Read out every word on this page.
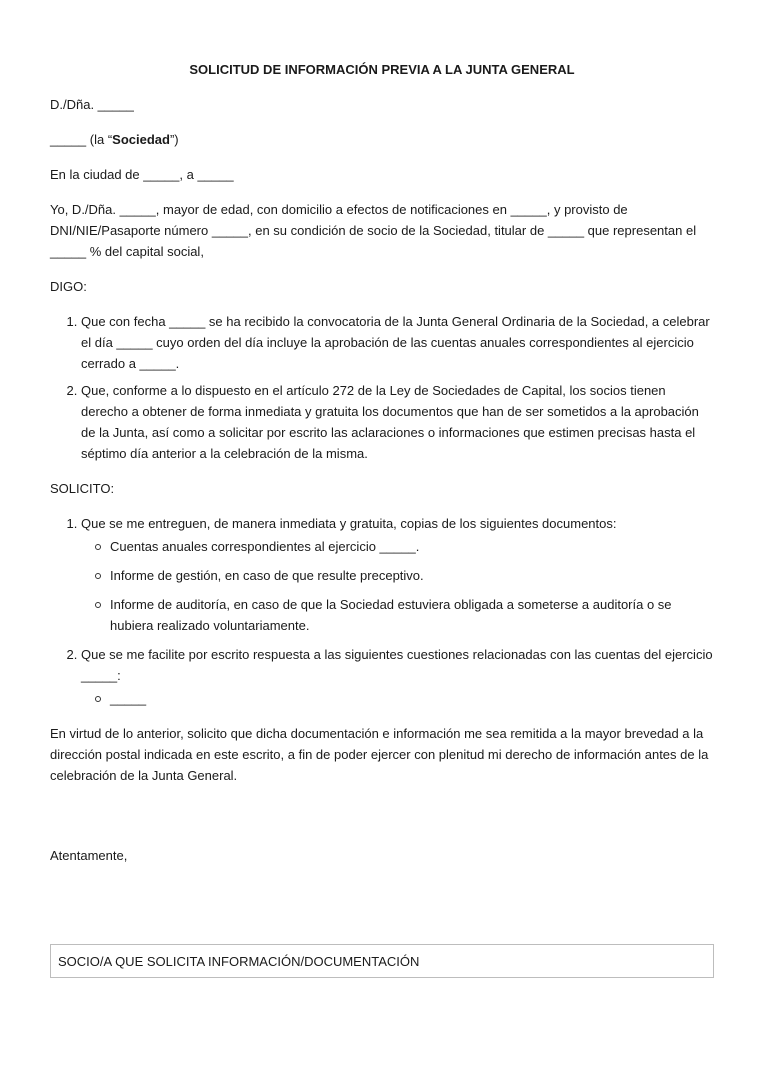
SOLICITUD DE INFORMACIÓN PREVIA A LA JUNTA GENERAL

D./Dña. _____

_____ (la “Sociedad”)

En la ciudad de _____, a _____

Yo, D./Dña. _____, mayor de edad, con domicilio a efectos de notificaciones en _____, y provisto de DNI/NIE/Pasaporte número _____, en su condición de socio de la Sociedad, titular de _____ que representan el _____ % del capital social,

DIGO:

1. Que con fecha _____ se ha recibido la convocatoria de la Junta General Ordinaria de la Sociedad, a celebrar el día _____ cuyo orden del día incluye la aprobación de las cuentas anuales correspondientes al ejercicio cerrado a _____.
2. Que, conforme a lo dispuesto en el artículo 272 de la Ley de Sociedades de Capital, los socios tienen derecho a obtener de forma inmediata y gratuita los documentos que han de ser sometidos a la aprobación de la Junta, así como a solicitar por escrito las aclaraciones o informaciones que estimen precisas hasta el séptimo día anterior a la celebración de la misma.

SOLICITO:

1. Que se me entreguen, de manera inmediata y gratuita, copias de los siguientes documentos:
Cuentas anuales correspondientes al ejercicio _____.
Informe de gestión, en caso de que resulte preceptivo.
Informe de auditoría, en caso de que la Sociedad estuviera obligada a someterse a auditoría o se hubiera realizado voluntariamente.
2. Que se me facilite por escrito respuesta a las siguientes cuestiones relacionadas con las cuentas del ejercicio _____:
_____

En virtud de lo anterior, solicito que dicha documentación e información me sea remitida a la mayor brevedad a la dirección postal indicada en este escrito, a fin de poder ejercer con plenitud mi derecho de información antes de la celebración de la Junta General.

Atentamente,

SOCIO/A QUE SOLICITA INFORMACIÓN/DOCUMENTACIÓN
